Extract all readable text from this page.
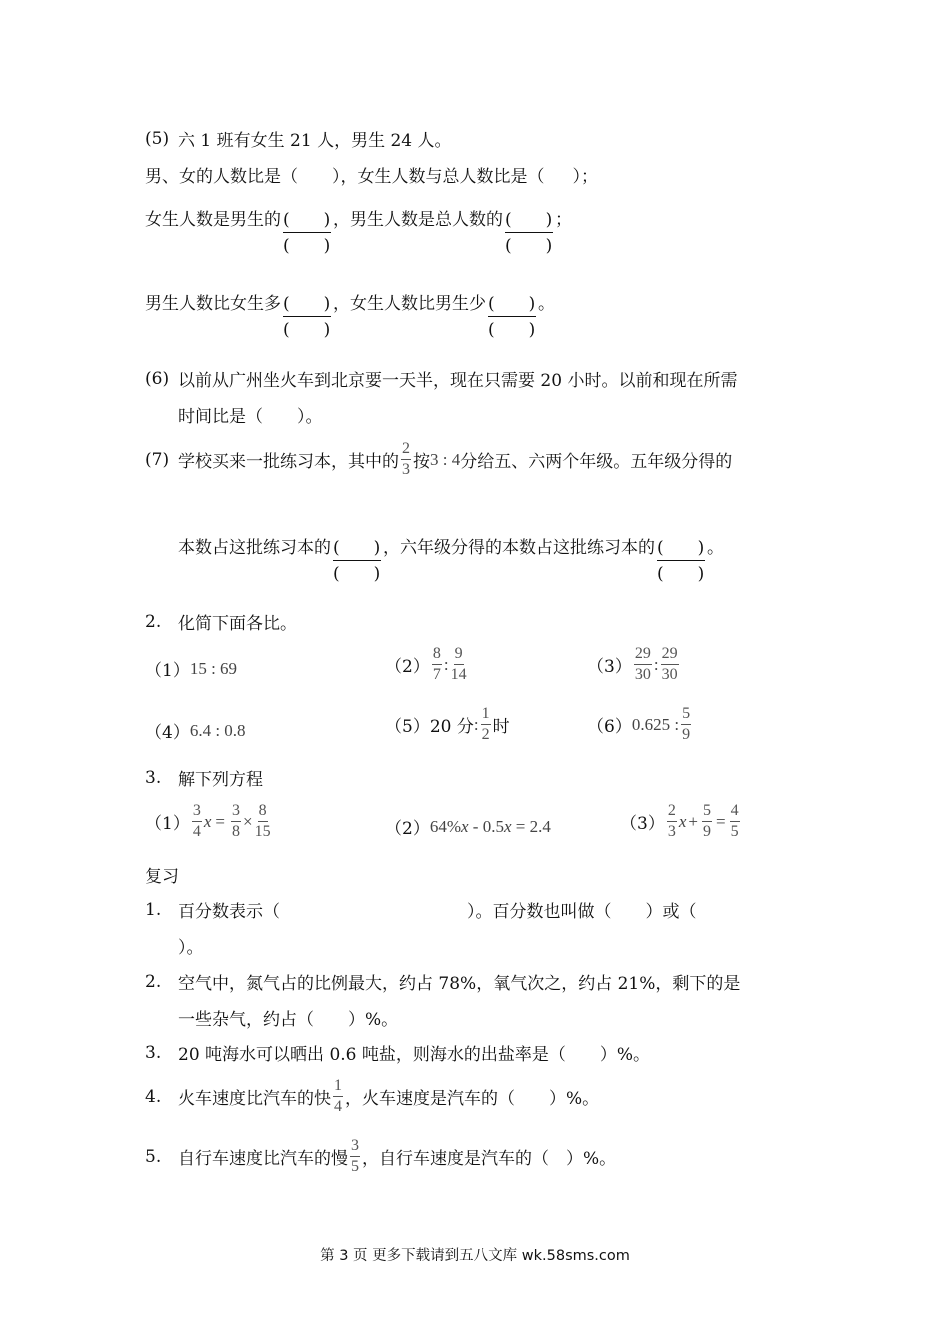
(5) 六 1 班有女生 21 人，男生 24 人。
男、女的人数比是（ ），女生人数与总人数比是（ ）；
女生人数是男生的 ( )
( )
，男生人数是总人数的 ( )
( )
；
男生人数比女生多 ( )
( )
，女生人数比男生少 ( )
( )
。
(6) 以前从广州坐火车到北京要一天半，现在只需要 20 小时。以前和现在所需
时间比是（　　）。
(7) 学校买来一批练习本，其中的 $\frac{2}{3}$ 按 3 : 4 分给五、六两个年级。五年级分得的
本数占这批练习本的 ( )
( )
，六年级分得的本数占这批练习本的 ( )
( )
。
2. 化简下面各比。
（1） 15 : 69	$(2) \frac{8}{7}$ : $\frac{9}{14}$	$(3) \frac{29}{30}$ : $\frac{29}{30}$
（4） 6.4 : 0.8	（5） 20 分 : $\frac{1}{2}$ 时	（6） 0.625 : $\frac{5}{9}$
3. 解下列方程
$(1) \frac{3}{4}$ $x = \frac{3}{8} \times \frac{8}{15}$	（2） 64% x - 0.5 x = 2.4	$(3) \frac{2}{3}$ $x + \frac{5}{9} = \frac{4}{5}$
复习
1. 百分数表示（　　　　　　　　　　　）。百分数也叫做（　　）或（
）。
2. 空气中，氮气占的比例最大，约占 78%，氧气次之，约占 21%，剩下的是
一些杂气，约占（　　）%。
3. 20 吨海水可以晒出 0.6 吨盐，则海水的出盐率是（　　）%。
4. 火车速度比汽车的快 $\frac{1}{4}$ ，火车速度是汽车的（　　）%。
5. 自行车速度比汽车的慢 $\frac{3}{5}$ ，自行车速度是汽车的（　）%。
第 3 页 更多下载请到五八文库 wk.58sms.com
